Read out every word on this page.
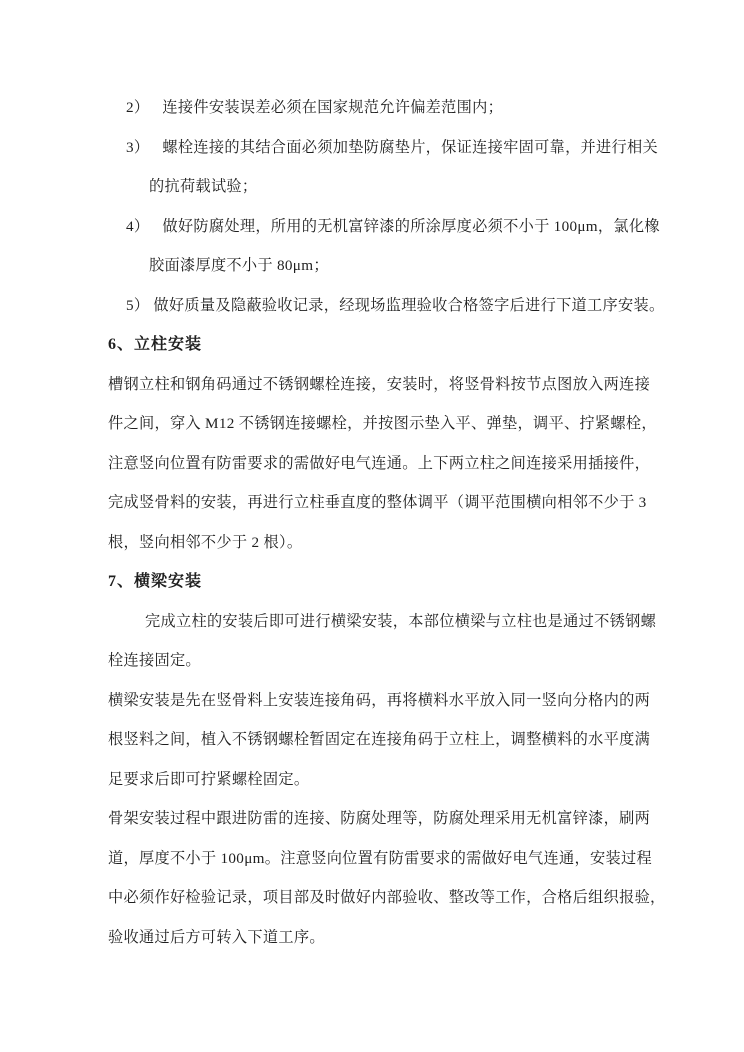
2） 连接件安装误差必须在国家规范允许偏差范围内；
3） 螺栓连接的其结合面必须加垫防腐垫片，保证连接牢固可靠，并进行相关
的抗荷载试验；
4） 做好防腐处理，所用的无机富锌漆的所涂厚度必须不小于 100μm，氯化橡
胶面漆厚度不小于 80μm；
5） 做好质量及隐蔽验收记录，经现场监理验收合格签字后进行下道工序安装。
6、立柱安装
槽钢立柱和钢角码通过不锈钢螺栓连接，安装时，将竖骨料按节点图放入两连接
件之间，穿入 M12 不锈钢连接螺栓，并按图示垫入平、弹垫，调平、拧紧螺栓，
注意竖向位置有防雷要求的需做好电气连通。上下两立柱之间连接采用插接件，
完成竖骨料的安装，再进行立柱垂直度的整体调平（调平范围横向相邻不少于 3
根，竖向相邻不少于 2 根）。
7、横梁安装
完成立柱的安装后即可进行横梁安装，本部位横梁与立柱也是通过不锈钢螺
栓连接固定。
横梁安装是先在竖骨料上安装连接角码，再将横料水平放入同一竖向分格内的两
根竖料之间，植入不锈钢螺栓暂固定在连接角码于立柱上，调整横料的水平度满
足要求后即可拧紧螺栓固定。
骨架安装过程中跟进防雷的连接、防腐处理等，防腐处理采用无机富锌漆，刷两
道，厚度不小于 100μm。注意竖向位置有防雷要求的需做好电气连通，安装过程
中必须作好检验记录，项目部及时做好内部验收、整改等工作，合格后组织报验，
验收通过后方可转入下道工序。
